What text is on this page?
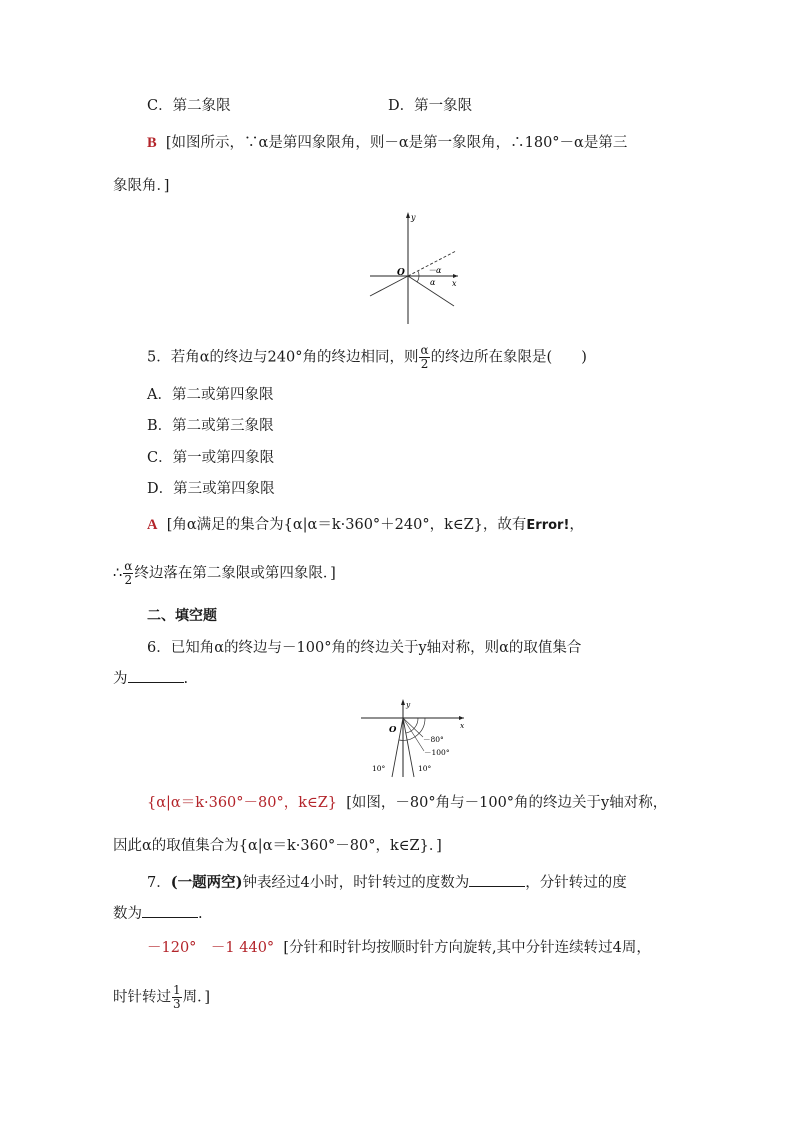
C．第二象限	D．第一象限
B [如图所示，∵α是第四象限角，则－α是第一象限角，∴180°－α是第三
象限角．]
y
x
O	－α
α
5．若角α的终边与240°角的终边相同，则 $\frac{\alpha}{2}$ 的终边所在象限是(　　)
A．第二或第四象限
B．第二或第三象限
C．第一或第四象限
D．第三或第四象限
A [角α满足的集合为{α|α＝k·360°＋240°，k∈Z}，故有Error!，
∴ $\frac{\alpha}{2}$ 终边落在第二象限或第四象限．]
二、填空题
6．已知角α的终边与－100°角的终边关于y轴对称，则α的取值集合
为	.
y
x
O
－80°
－100°
10°	10°
{α|α＝k·360°－80°，k∈Z} [如图，－80°角与－100°角的终边关于y轴对称，
因此α的取值集合为{α|α＝k·360°－80°，k∈Z}．]
7．(一题两空)钟表经过4小时，时针转过的度数为	，分针转过的度
数为	.
－120°　－1 440° [分针和时针均按顺时针方向旋转,其中分针连续转过4周，
时针转过 $\frac{1}{3}$ 周．]
